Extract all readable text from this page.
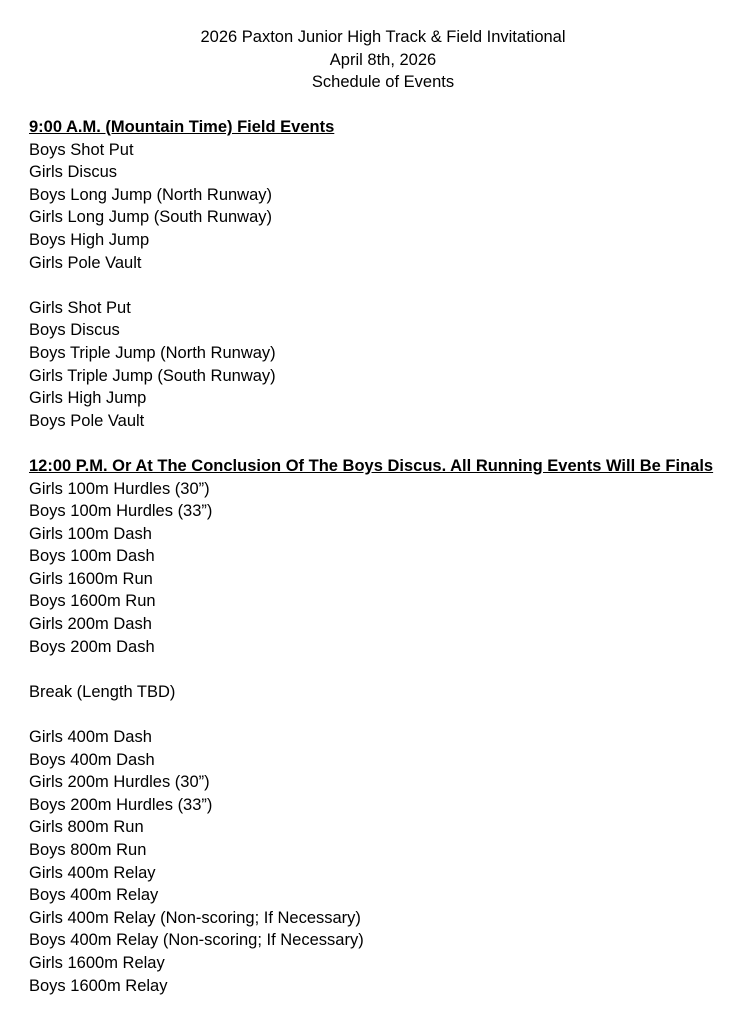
2026 Paxton Junior High Track & Field Invitational
April 8th, 2026
Schedule of Events
9:00 A.M. (Mountain Time) Field Events
Boys Shot Put
Girls Discus
Boys Long Jump (North Runway)
Girls Long Jump (South Runway)
Boys High Jump
Girls Pole Vault
Girls Shot Put
Boys Discus
Boys Triple Jump (North Runway)
Girls Triple Jump (South Runway)
Girls High Jump
Boys Pole Vault
12:00 P.M. Or At The Conclusion Of The Boys Discus. All Running Events Will Be Finals
Girls 100m Hurdles (30”)
Boys 100m Hurdles (33”)
Girls 100m Dash
Boys 100m Dash
Girls 1600m Run
Boys 1600m Run
Girls 200m Dash
Boys 200m Dash
Break (Length TBD)
Girls 400m Dash
Boys 400m Dash
Girls 200m Hurdles (30”)
Boys 200m Hurdles (33”)
Girls 800m Run
Boys 800m Run
Girls 400m Relay
Boys 400m Relay
Girls 400m Relay (Non-scoring; If Necessary)
Boys 400m Relay (Non-scoring; If Necessary)
Girls 1600m Relay
Boys 1600m Relay
